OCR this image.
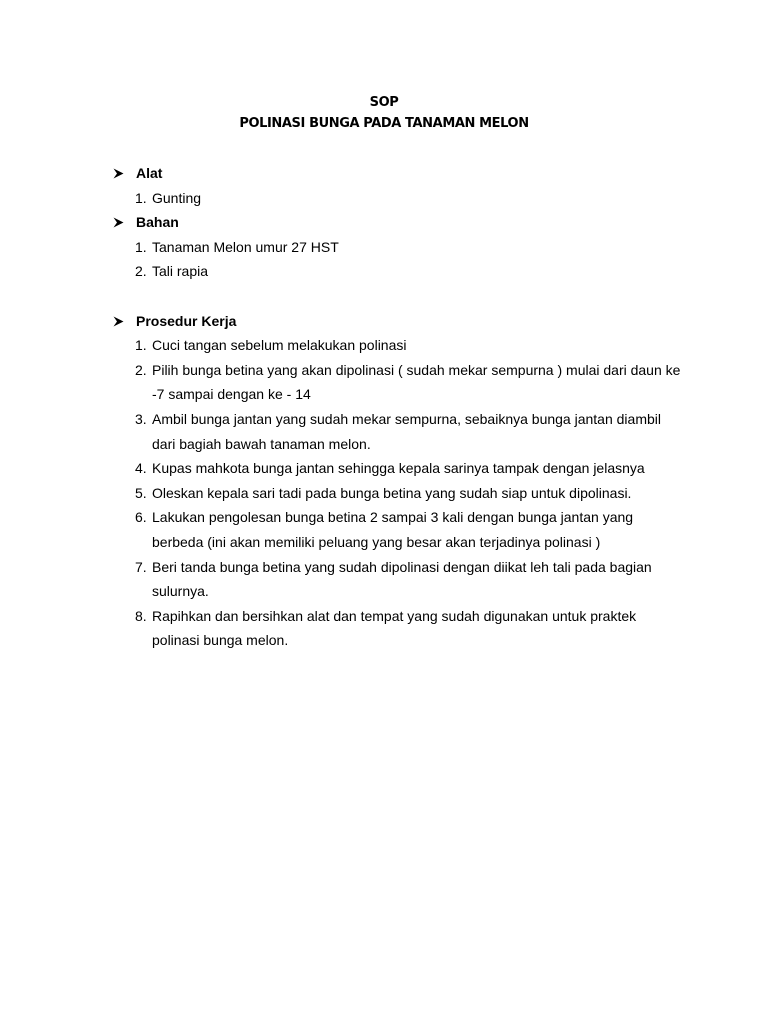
SOP
POLINASI BUNGA PADA TANAMAN MELON
Alat
1. Gunting
Bahan
1. Tanaman Melon umur 27 HST
2. Tali rapia
Prosedur Kerja
1. Cuci tangan sebelum melakukan polinasi
2. Pilih bunga betina yang akan dipolinasi ( sudah mekar sempurna ) mulai dari daun ke
-7 sampai dengan ke - 14
3. Ambil bunga jantan yang sudah mekar sempurna, sebaiknya bunga jantan diambil
dari bagiah bawah tanaman melon.
4. Kupas mahkota bunga jantan sehingga kepala sarinya tampak dengan jelasnya
5. Oleskan kepala sari tadi pada bunga betina yang sudah siap untuk dipolinasi.
6. Lakukan pengolesan bunga betina 2 sampai 3 kali dengan bunga jantan yang
berbeda (ini akan memiliki peluang yang besar akan terjadinya polinasi )
7. Beri tanda bunga betina yang sudah dipolinasi dengan diikat leh tali pada bagian
sulurnya.
8. Rapihkan dan bersihkan alat dan tempat yang sudah digunakan untuk praktek
polinasi bunga melon.
